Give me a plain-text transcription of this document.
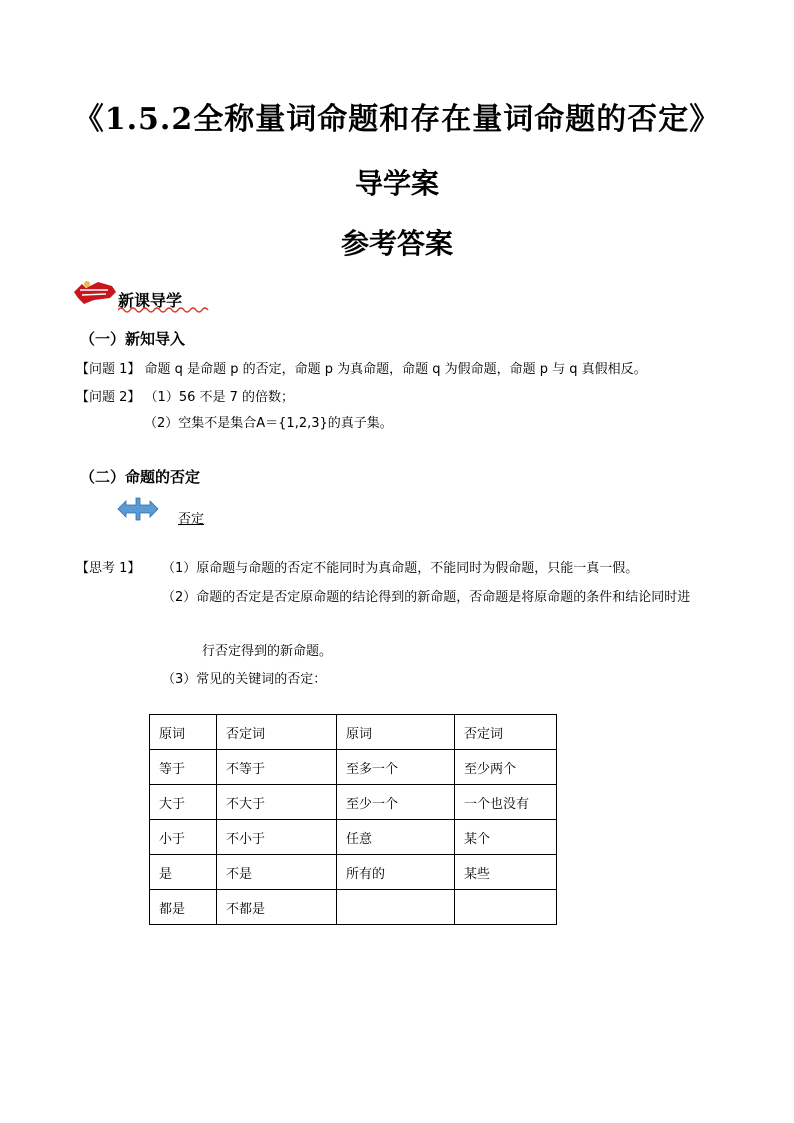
《1.5.2全称量词命题和存在量词命题的否定》
导学案
参考答案
新课导学
（一）新知导入
【问题 1】 命题 q 是命题 p 的否定，命题 p 为真命题，命题 q 为假命题，命题 p 与 q 真假相反。
【问题 2】 （1）56 不是 7 的倍数；
（2）空集不是集合A＝{1,2,3}的真子集。
（二）命题的否定
否定
【思考 1】 （1）原命题与命题的否定不能同时为真命题，不能同时为假命题，只能一真一假。
（2）命题的否定是否定原命题的结论得到的新命题，否命题是将原命题的条件和结论同时进
行否定得到的新命题。
（3）常见的关键词的否定：
原词	否定词	原词	否定词
等于	不等于	至多一个	至少两个
大于	不大于	至少一个	一个也没有
小于	不小于	任意	某个
是	不是	所有的	某些
都是	不都是		
